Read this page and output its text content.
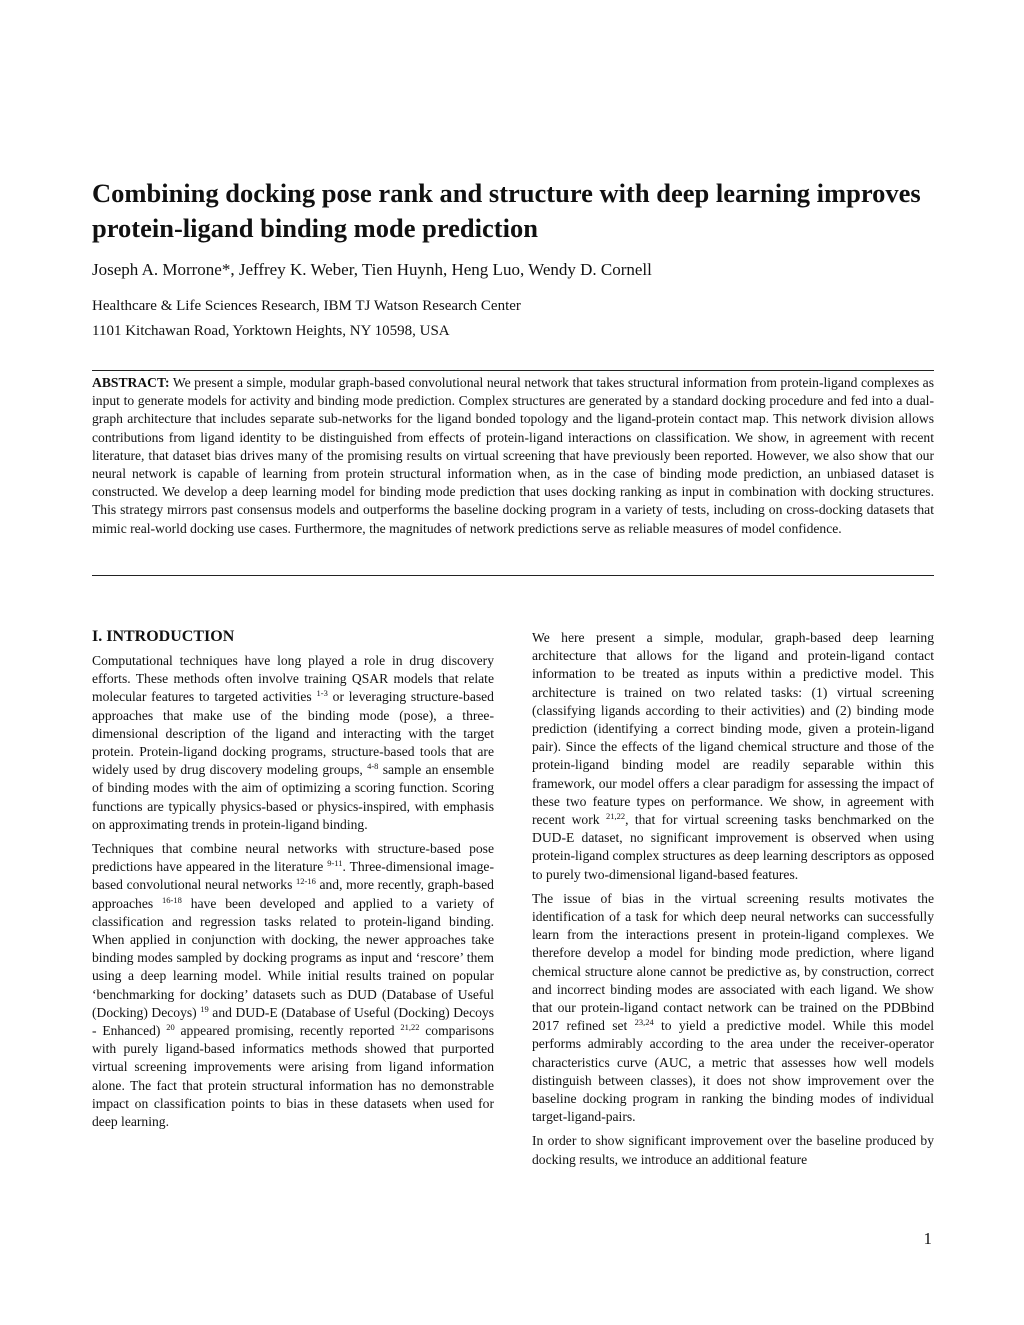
Combining docking pose rank and structure with deep learning improves protein-ligand binding mode prediction
Joseph A. Morrone*, Jeffrey K. Weber, Tien Huynh, Heng Luo, Wendy D. Cornell
Healthcare & Life Sciences Research, IBM TJ Watson Research Center
1101 Kitchawan Road, Yorktown Heights, NY 10598, USA

ABSTRACT: We present a simple, modular graph-based convolutional neural network that takes structural information from protein-ligand complexes as input to generate models for activity and binding mode prediction. Complex structures are generated by a standard docking procedure and fed into a dual-graph architecture that includes separate sub-networks for the ligand bonded topology and the ligand-protein contact map. This network division allows contributions from ligand identity to be distinguished from effects of protein-ligand interactions on classification. We show, in agreement with recent literature, that dataset bias drives many of the promising results on virtual screening that have previously been reported. However, we also show that our neural network is capable of learning from protein structural information when, as in the case of binding mode prediction, an unbiased dataset is constructed. We develop a deep learning model for binding mode prediction that uses docking ranking as input in combination with docking structures. This strategy mirrors past consensus models and outperforms the baseline docking program in a variety of tests, including on cross-docking datasets that mimic real-world docking use cases. Furthermore, the magnitudes of network predictions serve as reliable measures of model confidence.

I. INTRODUCTION

Computational techniques have long played a role in drug discovery efforts. These methods often involve training QSAR models that relate molecular features to targeted activities $^{1-3}$ or leveraging structure-based approaches that make use of the binding mode (pose), a three-dimensional description of the ligand and interacting with the target protein. Protein-ligand docking programs, structure-based tools that are widely used by drug discovery modeling groups, $^{4-8}$ sample an ensemble of binding modes with the aim of optimizing a scoring function. Scoring functions are typically physics-based or physics-inspired, with emphasis on approximating trends in protein-ligand binding.

Techniques that combine neural networks with structure-based pose predictions have appeared in the literature $^{9-11}$. Three-dimensional image-based convolutional neural networks $^{12-16}$ and, more recently, graph-based approaches $^{16-18}$ have been developed and applied to a variety of classification and regression tasks related to protein-ligand binding. When applied in conjunction with docking, the newer approaches take binding modes sampled by docking programs as input and ‘rescore’ them using a deep learning model. While initial results trained on popular ‘benchmarking for docking’ datasets such as DUD (Database of Useful (Docking) Decoys) $^{19}$ and DUD-E (Database of Useful (Docking) Decoys - Enhanced) $^{20}$ appeared promising, recently reported $^{21,22}$ comparisons with purely ligand-based informatics methods showed that purported virtual screening improvements were arising from ligand information alone. The fact that protein structural information has no demonstrable impact on classification points to bias in these datasets when used for deep learning.

We here present a simple, modular, graph-based deep learning architecture that allows for the ligand and protein-ligand contact information to be treated as inputs within a predictive model. This architecture is trained on two related tasks: (1) virtual screening (classifying ligands according to their activities) and (2) binding mode prediction (identifying a correct binding mode, given a protein-ligand pair). Since the effects of the ligand chemical structure and those of the protein-ligand binding model are readily separable within this framework, our model offers a clear paradigm for assessing the impact of these two feature types on performance. We show, in agreement with recent work $^{21,22}$, that for virtual screening tasks benchmarked on the DUD-E dataset, no significant improvement is observed when using protein-ligand complex structures as deep learning descriptors as opposed to purely two-dimensional ligand-based features.

The issue of bias in the virtual screening results motivates the identification of a task for which deep neural networks can successfully learn from the interactions present in protein-ligand complexes. We therefore develop a model for binding mode prediction, where ligand chemical structure alone cannot be predictive as, by construction, correct and incorrect binding modes are associated with each ligand. We show that our protein-ligand contact network can be trained on the PDBbind 2017 refined set $^{23,24}$ to yield a predictive model. While this model performs admirably according to the area under the receiver-operator characteristics curve (AUC, a metric that assesses how well models distinguish between classes), it does not show improvement over the baseline docking program in ranking the binding modes of individual target-ligand-pairs.

In order to show significant improvement over the baseline produced by docking results, we introduce an additional feature

1
